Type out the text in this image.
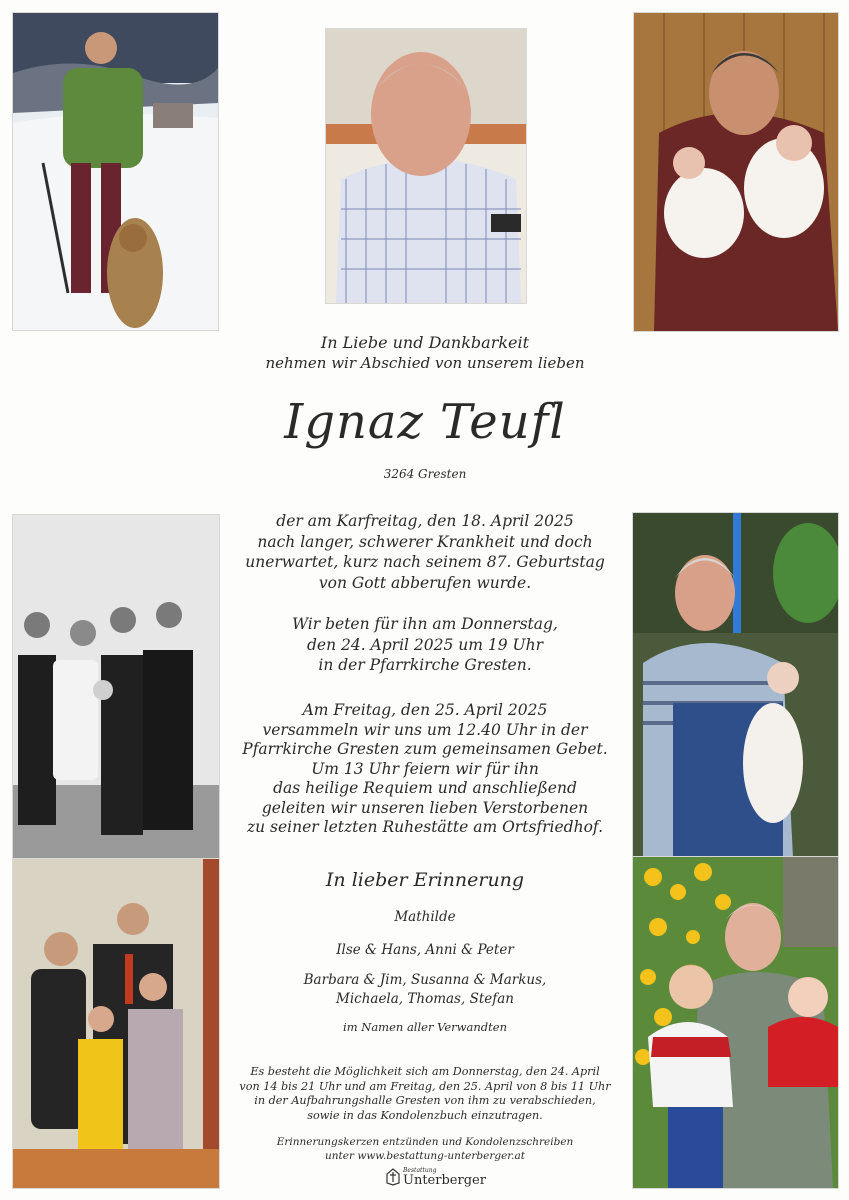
In Liebe und Dankbarkeit
nehmen wir Abschied von unserem lieben
Ignaz Teufl
3264 Gresten
der am Karfreitag, den 18. April 2025
nach langer, schwerer Krankheit und doch
unerwartet, kurz nach seinem 87. Geburtstag
von Gott abberufen wurde.
Wir beten für ihn am Donnerstag,
den 24. April 2025 um 19 Uhr
in der Pfarrkirche Gresten.
Am Freitag, den 25. April 2025
versammeln wir uns um 12.40 Uhr in der
Pfarrkirche Gresten zum gemeinsamen Gebet.
Um 13 Uhr feiern wir für ihn
das heilige Requiem und anschließend
geleiten wir unseren lieben Verstorbenen
zu seiner letzten Ruhestätte am Ortsfriedhof.
In lieber Erinnerung
Mathilde
Ilse & Hans, Anni & Peter
Barbara & Jim, Susanna & Markus,
Michaela, Thomas, Stefan
im Namen aller Verwandten
Es besteht die Möglichkeit sich am Donnerstag, den 24. April
von 14 bis 21 Uhr und am Freitag, den 25. April von 8 bis 11 Uhr
in der Aufbahrungshalle Gresten von ihm zu verabschieden,
sowie in das Kondolenzbuch einzutragen.
Erinnerungskerzen entzünden und Kondolenzschreiben
unter www.bestattung-unterberger.at
Bestattung
Unterberger
